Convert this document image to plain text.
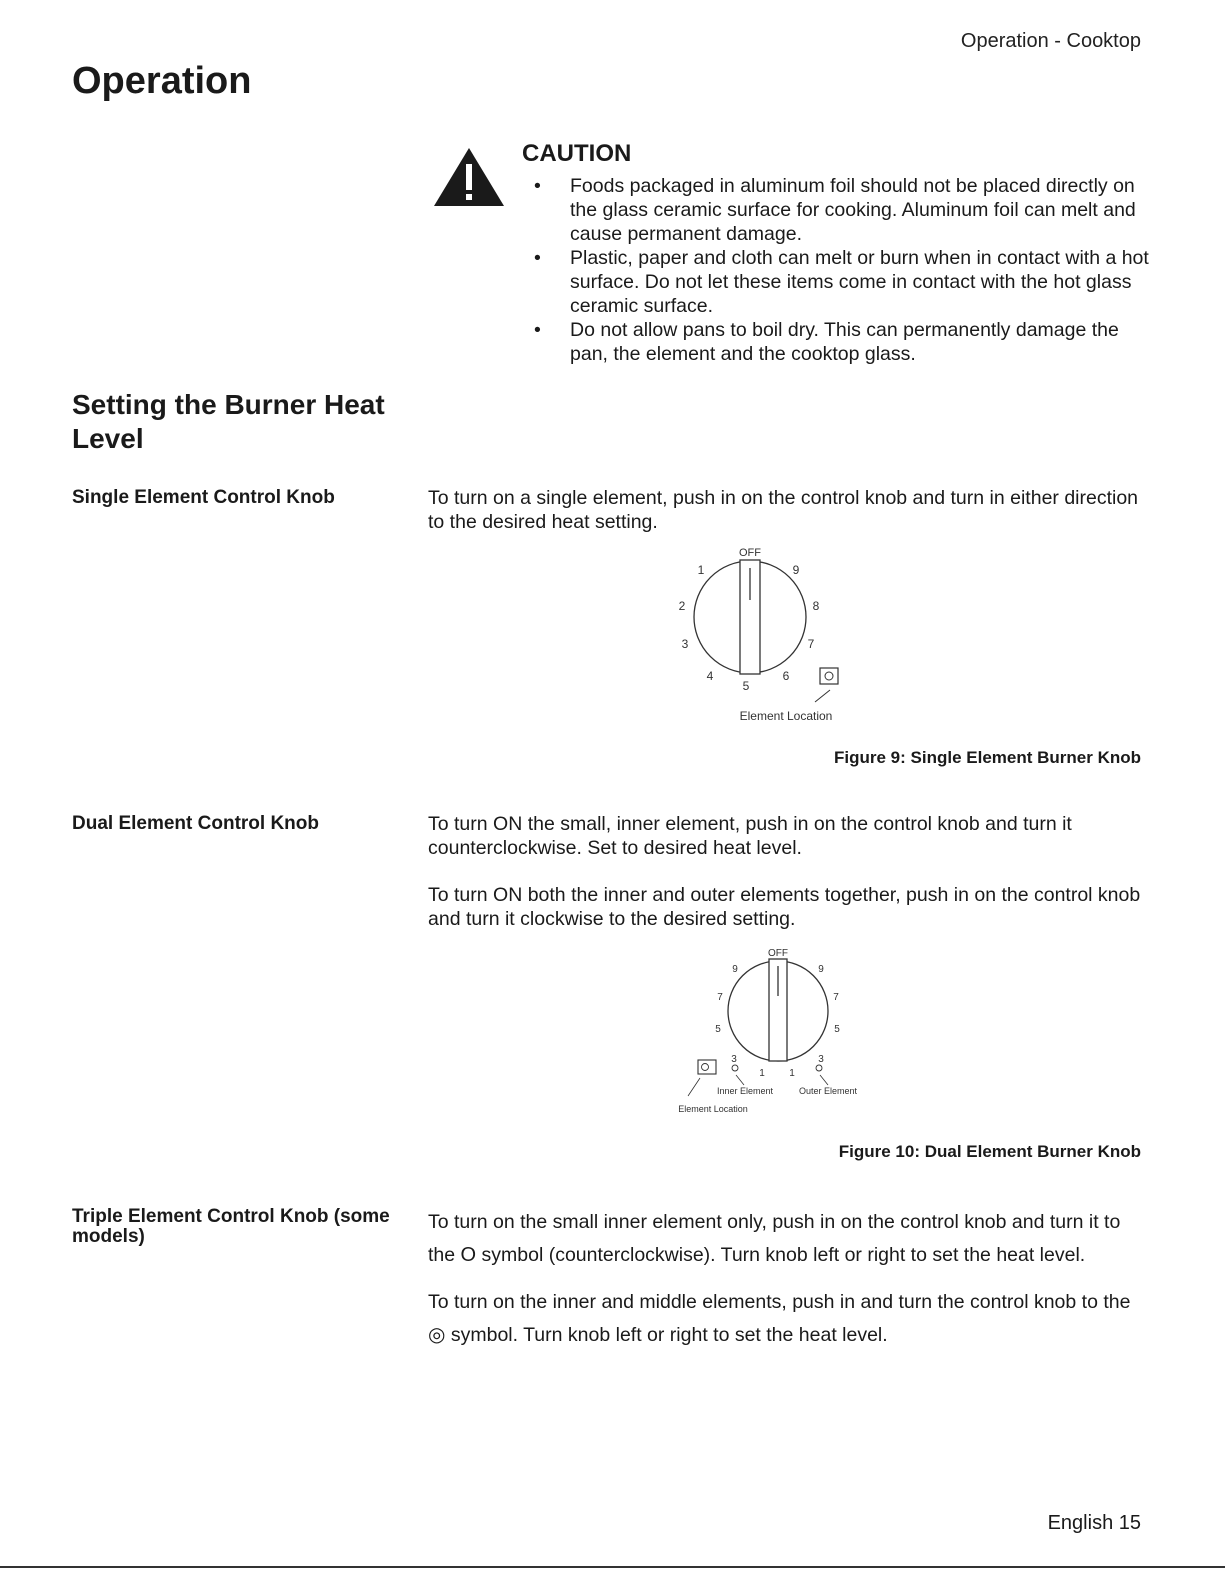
Operation - Cooktop
Operation
CAUTION
• Foods packaged in aluminum foil should not be placed directly on the glass ceramic surface for cooking. Aluminum foil can melt and cause permanent damage.
• Plastic, paper and cloth can melt or burn when in contact with a hot surface. Do not let these items come in contact with the hot glass ceramic surface.
• Do not allow pans to boil dry. This can permanently damage the pan, the element and the cooktop glass.
Setting the Burner Heat Level
Single Element Control Knob	To turn on a single element, push in on the control knob and turn in either direction to the desired heat setting.

OFF
1
2
3
4
5
9
8
7
6
Element Location
Figure 9: Single Element Burner Knob
Dual Element Control Knob	To turn ON the small, inner element, push in on the control knob and turn it counterclockwise. Set to desired heat level.

To turn ON both the inner and outer elements together, push in on the control knob and turn it clockwise to the desired setting.

OFF
9
7
5
3
1
9
7
5
3
1
Inner Element	Outer Element
Element Location
Figure 10: Dual Element Burner Knob
Triple Element Control Knob (some models)

To turn on the small inner element only, push in on the control knob and turn it to the O symbol (counterclockwise). Turn knob left or right to set the heat level.

To turn on the inner and middle elements, push in and turn the control knob to the ◎ symbol. Turn knob left or right to set the heat level.

English 15
